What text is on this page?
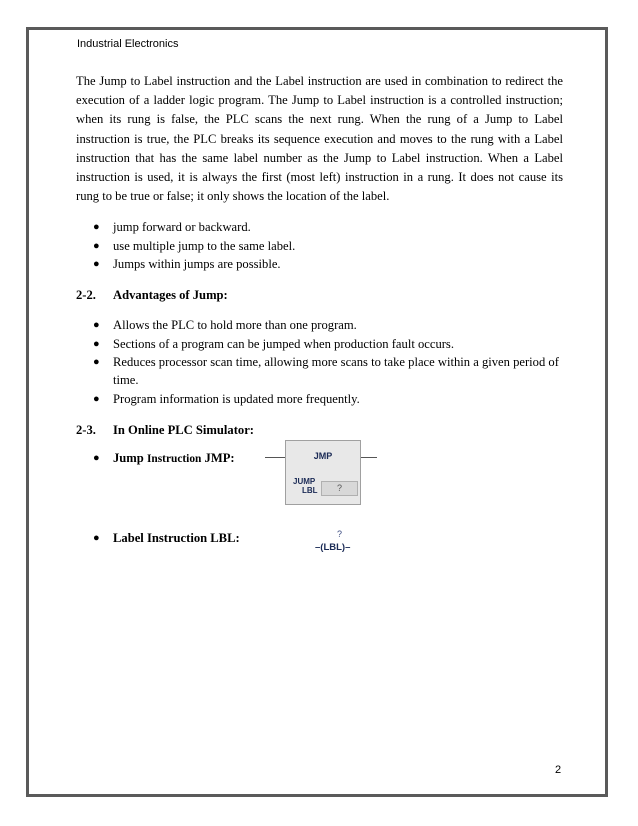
Industrial Electronics

The Jump to Label instruction and the Label instruction are used in combination to redirect the execution of a ladder logic program. The Jump to Label instruction is a controlled instruction; when its rung is false, the PLC scans the next rung. When the rung of a Jump to Label instruction is true, the PLC breaks its sequence execution and moves to the rung with a Label instruction that has the same label number as the Jump to Label instruction. When a Label instruction is used, it is always the first (most left) instruction in a rung. It does not cause its rung to be true or false; it only shows the location of the label.

● jump forward or backward.
● use multiple jump to the same label.
● Jumps within jumps are possible.
2-2.	Advantages of Jump:
● Allows the PLC to hold more than one program.
● Sections of a program can be jumped when production fault occurs.
● Reduces processor scan time, allowing more scans to take place within a given period of time.
● Program information is updated more frequently.
2-3.	In Online PLC Simulator:
● Jump Instruction JMP:
● Label Instruction LBL:
JMP
JUMP
LBL	?
?
–(LBL)–
2
